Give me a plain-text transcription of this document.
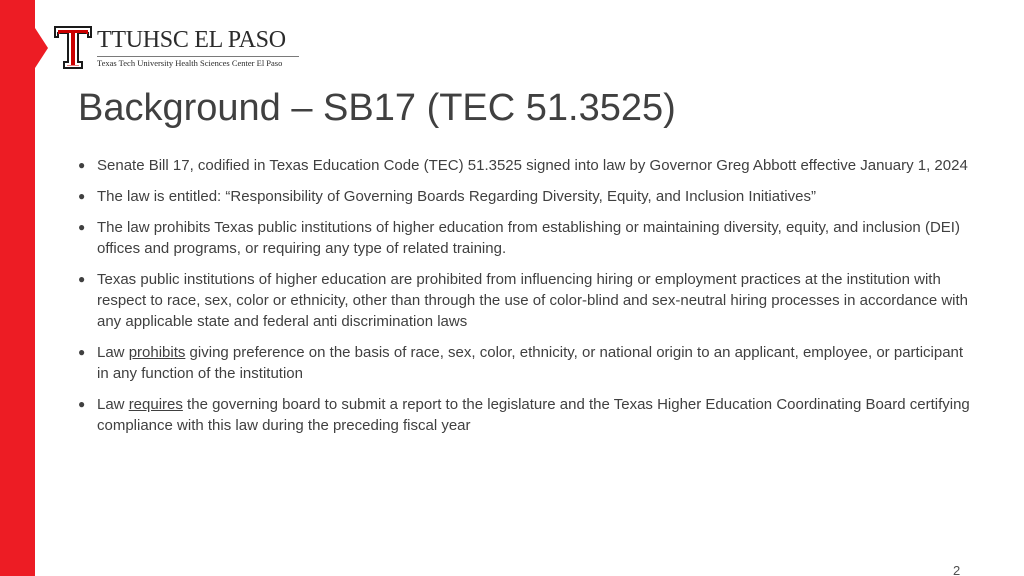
TTUHSC EL PASO
Texas Tech University Health Sciences Center El Paso
Background – SB17 (TEC 51.3525)
● Senate Bill 17, codified in Texas Education Code (TEC) 51.3525 signed into law by Governor Greg Abbott effective January 1, 2024
● The law is entitled: “Responsibility of Governing Boards Regarding Diversity, Equity, and Inclusion Initiatives”
● The law prohibits Texas public institutions of higher education from establishing or maintaining diversity, equity, and inclusion (DEI) offices and programs, or requiring any type of related training.
● Texas public institutions of higher education are prohibited from influencing hiring or employment practices at the institution with respect to race, sex, color or ethnicity, other than through the use of color-blind and sex-neutral hiring processes in accordance with any applicable state and federal anti discrimination laws
● Law prohibits giving preference on the basis of race, sex, color, ethnicity, or national origin to an applicant, employee, or participant in any function of the institution
● Law requires the governing board to submit a report to the legislature and the Texas Higher Education Coordinating Board certifying compliance with this law during the preceding fiscal year
2
